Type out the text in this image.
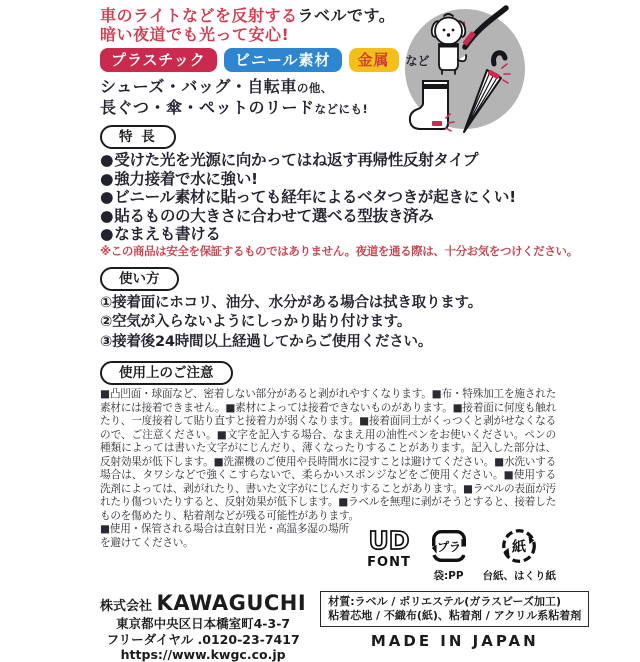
車のライトなどを反射するラベルです。
暗い夜道でも光って安心!
プラスチック	ビニール素材	金属	など
シューズ・バッグ・自転車の他、
長ぐつ・傘・ペットのリードなどにも!
特 長
●受けた光を光源に向かってはね返す再帰性反射タイプ
●強力接着で水に強い!
●ビニール素材に貼っても経年によるベタつきが起きにくい!
●貼るものの大きさに合わせて選べる型抜き済み
●なまえも書ける
※この商品は安全を保証するものではありません。夜道を通る際は、十分お気をつけください。
使い方
①接着面にホコリ、油分、水分がある場合は拭き取ります。
②空気が入らないようにしっかり貼り付けます。
③接着後24時間以上経過してからご使用ください。
使用上のご注意
■凸凹面・球面など、密着しない部分があると剥がれやすくなります。■布・特殊加工を施された素材には接着できません。■素材によっては接着できないものがあります。■接着面に何度も触れたり、一度接着して貼り直すと接着力が弱くなります。■接着面同士がくっつくと剥がせなくなるので、ご注意ください。■文字を記入する場合、なまえ用の油性ペンをお使いください。ペンの種類によっては書いた文字がにじんだり、薄くなったりすることがあります。記入した部分は、反射効果が低下します。■洗濯機のご使用や長時間水に浸すことは避けてください。■水洗いする場合は、タワシなどで強くこすらないで、柔らかいスポンジなどをご使用ください。■使用する洗剤によっては、剥がれたり、書いた文字がにじんだりすることがあります。■ラベルの表面が汚れたり傷ついたりすると、反射効果が低下します。■ラベルを無理に剥がそうとすると、接着したものを傷めたり、粘着剤などが残る可能性があります。
■使用・保管される場合は直射日光・高温多湿の場所を避けてください。	UD
FONT
プラ
袋:PP
紙
台紙、はくり紙
株式会社 KAWAGUCHI
東京都中央区日本橋室町4-3-7
フリーダイヤル .0120-23-7417
https://www.kwgc.co.jp
材質:ラベル / ポリエステル(ガラスビーズ加工)
粘着芯地 / 不織布(紙)、粘着剤 / アクリル系粘着剤
MADE IN JAPAN
